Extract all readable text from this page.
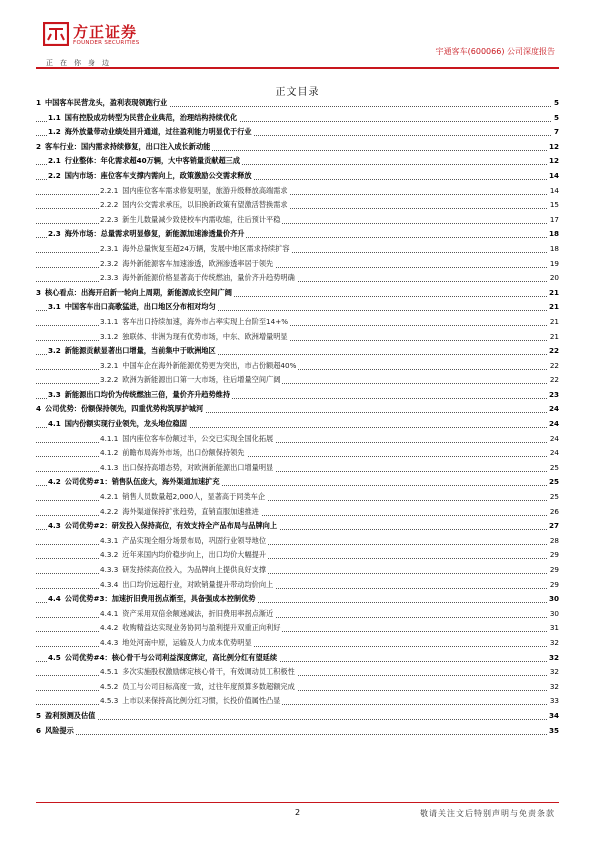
方正证券
FOUNDER SECURITIES
正在你身边
宇通客车(600066) 公司深度报告
正文目录
1 中国客车民营龙头，盈利表现领跑行业	5
1.1 国有控股成功转型为民营企业典范，治理结构持续优化	5
1.2 海外放量带动业绩处回升通道，过往盈利能力明显优于行业	7
2 客车行业：国内需求持续修复，出口注入成长新动能	12
2.1 行业整体：年化需求超40万辆，大中客销量贡献超三成	12
2.2 国内市场：座位客车支撑内需向上，政策激励公交需求释放	14
2.2.1 国内座位客车需求修复明显，旅游升级释放高端需求	14
2.2.2 国内公交需求承压，以旧换新政策有望激活替换需求	15
2.2.3 新生儿数量减少致使校车内需收缩，往后预计平稳	17
2.3 海外市场：总量需求明显修复，新能源加速渗透量价齐升	18
2.3.1 海外总量恢复至超24万辆，发展中地区需求持续扩容	18
2.3.2 海外新能源客车加速渗透，欧洲渗透率居于领先	19
2.3.3 海外新能源价格显著高于传统燃油，量价齐升趋势明确	20
3 核心看点：出海开启新一轮向上周期，新能源成长空间广阔	21
3.1 中国客车出口高歌猛进，出口地区分布相对均匀	21
3.1.1 客车出口持续加速，海外市占率实现上台阶至14+%	21
3.1.2 独联体、非洲为现有优势市场，中东、欧洲增量明显	21
3.2 新能源贡献显著出口增量，当前集中于欧洲地区	22
3.2.1 中国车企在海外新能源优势更为突出，市占份额超40%	22
3.2.2 欧洲为新能源出口第一大市场，往后增量空间广阔	22
3.3 新能源出口均价为传统燃油三倍，量价齐升趋势维持	23
4 公司优势：份额保持领先，四重优势构筑厚护城河	24
4.1 国内份额实现行业领先，龙头地位稳固	24
4.1.1 国内座位客车份额过半，公交已实现全国化拓展	24
4.1.2 前瞻布局海外市场，出口份额保持领先	24
4.1.3 出口保持高增态势，对欧洲新能源出口增量明显	25
4.2 公司优势#1：销售队伍庞大，海外渠道加速扩充	25
4.2.1 销售人员数量超2,000人，显著高于同类车企	25
4.2.2 海外渠道保持扩张趋势，直销直服加速推进	26
4.3 公司优势#2：研发投入保持高位，有效支持全产品布局与品牌向上	27
4.3.1 产品实现全细分场景布局，巩固行业领导地位	28
4.3.2 近年来国内均价稳步向上，出口均价大幅提升	29
4.3.3 研发持续高位投入，为品牌向上提供良好支撑	29
4.3.4 出口均价远超行业，对欧销量提升带动均价向上	29
4.4 公司优势#3：加速折旧费用拐点渐至，具备强成本控制优势	30
4.4.1 资产采用双倍余额递减法，折旧费用率拐点渐近	30
4.4.2 收购精益达实现业务协同与盈利提升双重正向利好	31
4.4.3 地处河南中原，运输及人力成本优势明显	32
4.5 公司优势#4：核心骨干与公司利益深度绑定，高比例分红有望延续	32
4.5.1 多次实施股权激励绑定核心骨干，有效调动员工积极性	32
4.5.2 员工与公司目标高度一致，过往年度预算多数超额完成	32
4.5.3 上市以来保持高比例分红习惯，长投价值属性凸显	33
5 盈利预测及估值	34
6 风险提示	35
2	敬请关注文后特别声明与免责条款
